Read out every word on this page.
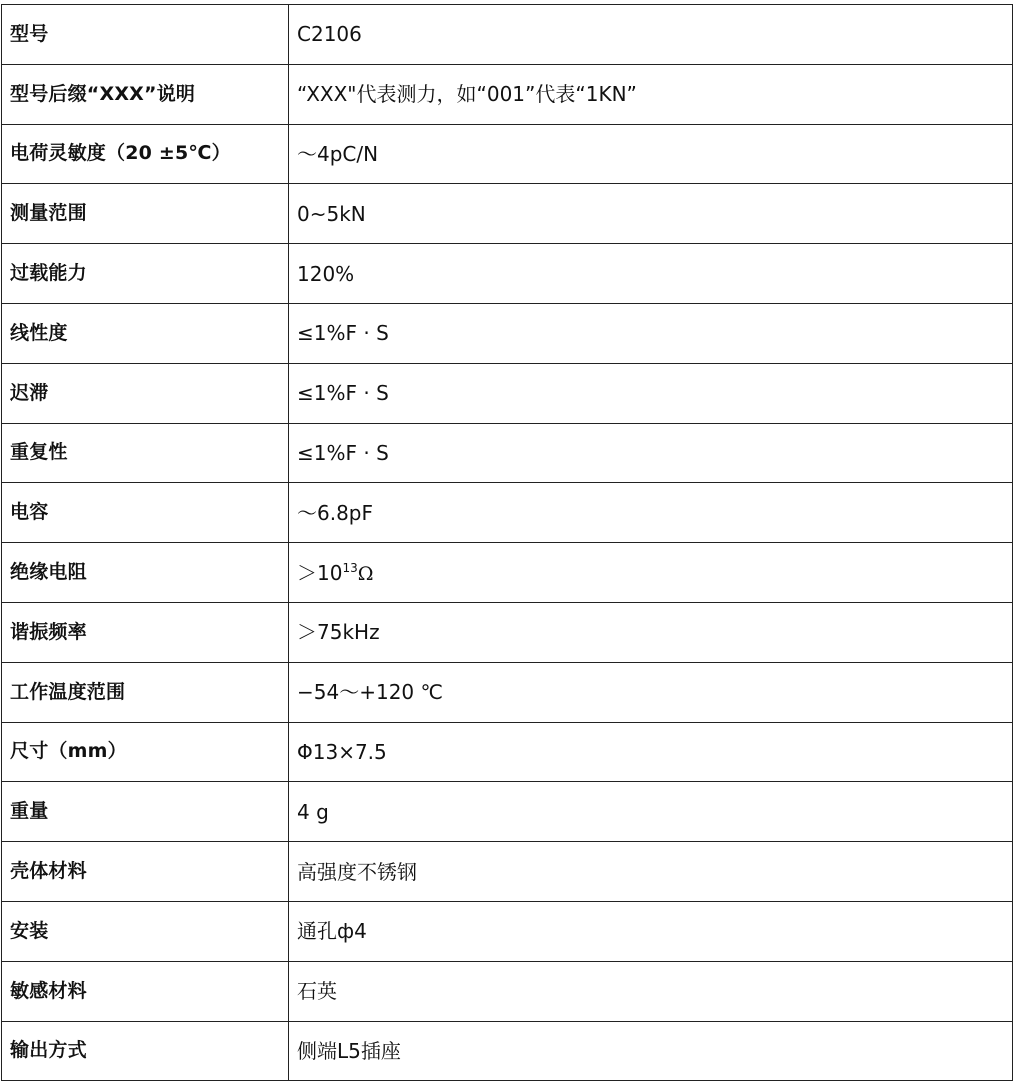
型号	C2106
型号后缀“XXX”说明	“XXX"代表测力，如“001”代表“1KN”
电荷灵敏度（20 ±5℃）	～4pC/N
测量范围	0~5kN
过载能力	120%
线性度	≤1%F · S
迟滞	≤1%F · S
重复性	≤1%F · S
电容	～6.8pF
绝缘电阻	$>10^{13}\Omega$
谐振频率	＞75kHz
工作温度范围	−54～+120 ℃
尺寸（mm）	Φ13×7.5
重量	4 g
壳体材料	高强度不锈钢
安装	通孔ф4
敏感材料	石英
输出方式	侧端L5插座
